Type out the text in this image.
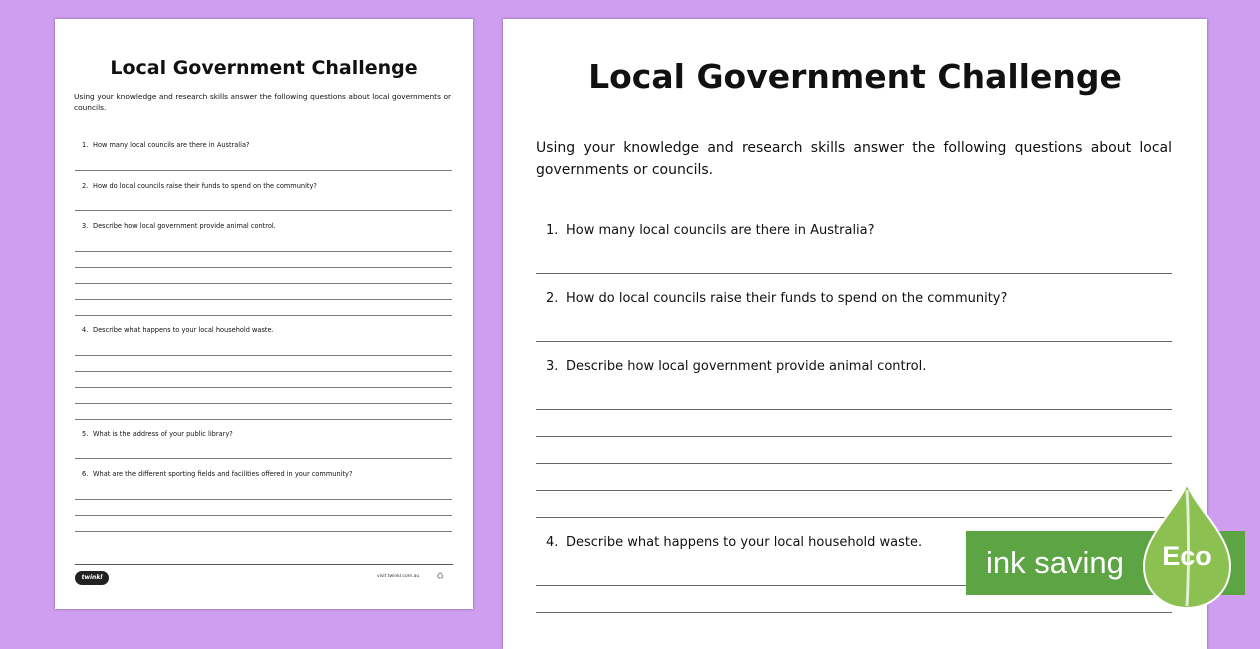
Local Government Challenge
Using your knowledge and research skills answer the following questions about local governments or councils.
1. How many local councils are there in Australia?
2. How do local councils raise their funds to spend on the community?
3. Describe how local government provide animal control.
4. Describe what happens to your local household waste.
5. What is the address of your public library?
6. What are the different sporting fields and facilities offered in your community?
twinkl	visit twinkl.com.au	♻
Local Government Challenge
Using your knowledge and research skills answer the following questions about local governments or councils.
1. How many local councils are there in Australia?
2. How do local councils raise their funds to spend on the community?
3. Describe how local government provide animal control.
4. Describe what happens to your local household waste.
ink saving	Eco
